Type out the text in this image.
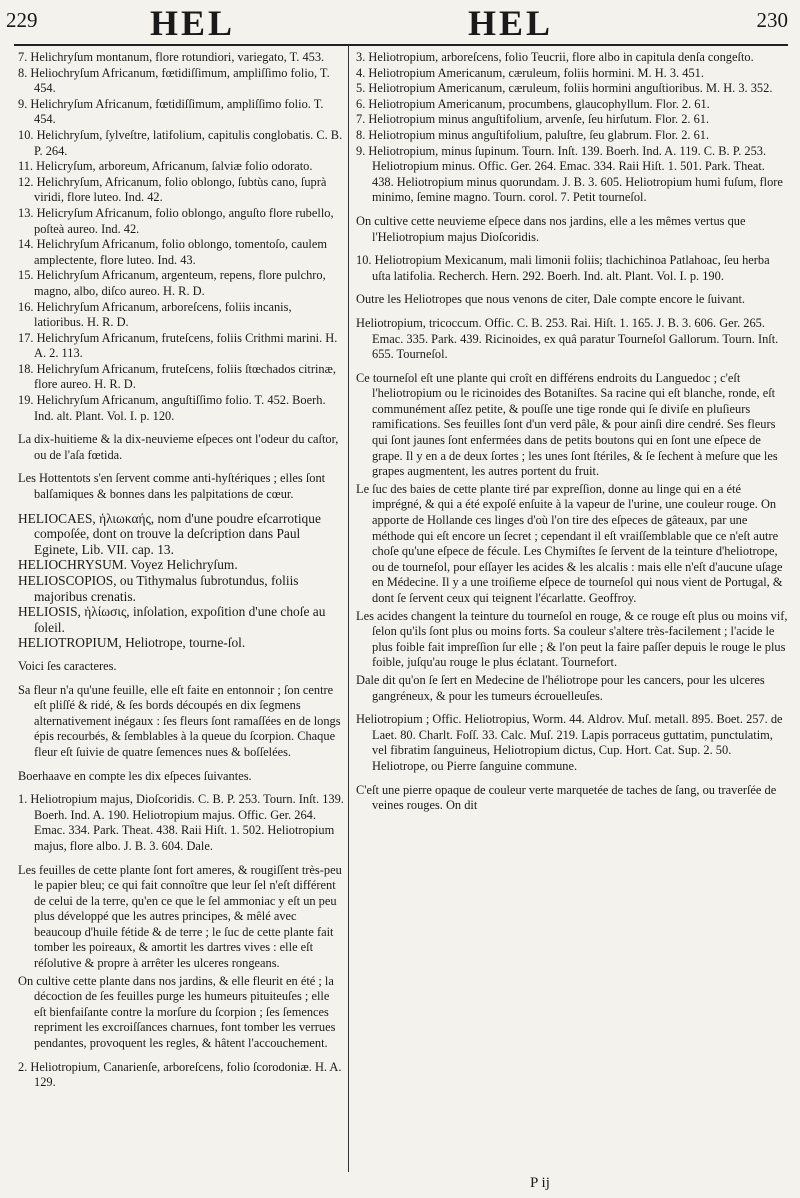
229	HEL	HEL	230

7. Helichryſum montanum, flore rotundiori, variegato, T. 453.

8. Heliochryſum Africanum, fœtidiſſimum, ampliſſimo folio, T. 454.

9. Helichryſum Africanum, fœtidiſſimum, ampliſſimo folio. T. 454.

10. Helichryſum, ſylveſtre, latifolium, capitulis conglobatis. C. B. P. 264.

11. Helicryſum, arboreum, Africanum, ſalviæ folio odorato.

12. Helichryſum, Africanum, folio oblongo, ſubtùs cano, ſuprà viridi, flore luteo. Ind. 42.

13. Helicryſum Africanum, folio oblongo, anguſto flore rubello, poſteà aureo. Ind. 42.

14. Helichryſum Africanum, folio oblongo, tomentoſo, caulem amplectente, flore luteo. Ind. 43.

15. Helichryſum Africanum, argenteum, repens, flore pulchro, magno, albo, diſco aureo. H. R. D.

16. Helichryſum Africanum, arboreſcens, foliis incanis, latioribus. H. R. D.

17. Helichryſum Africanum, fruteſcens, foliis Crithmi marini. H. A. 2. 113.

18. Helichryſum Africanum, fruteſcens, foliis ſtœchados citrinæ, flore aureo. H. R. D.

19. Helichryſum Africanum, anguſtiſſimo folio. T. 452. Boerh. Ind. alt. Plant. Vol. I. p. 120.

La dix-huitieme & la dix-neuvieme eſpeces ont l'odeur du caſtor, ou de l'aſa fœtida.

Les Hottentots s'en ſervent comme anti-hyſtériques ; elles ſont balſamiques & bonnes dans les palpitations de cœur.

HELIOCAES, ἡλιωκαής, nom d'une poudre eſcarrotique compoſée, dont on trouve la deſcription dans Paul Eginete, Lib. VII. cap. 13.

HELIOCHRYSUM. Voyez Helichryſum.

HELIOSCOPIOS, ou Tithymalus ſubrotundus, foliis majoribus crenatis.

HELIOSIS, ἡλίωσις, inſolation, expoſition d'une choſe au ſoleil.

HELIOTROPIUM, Heliotrope, tourne-ſol.

Voici ſes caracteres.

Sa fleur n'a qu'une feuille, elle eſt faite en entonnoir ; ſon centre eſt pliſſé & ridé, & ſes bords découpés en dix ſegmens alternativement inégaux : ſes fleurs ſont ramaſſées en de longs épis recourbés, & ſemblables à la queue du ſcorpion. Chaque fleur eſt ſuivie de quatre ſemences nues & boſſelées.

Boerhaave en compte les dix eſpeces ſuivantes.

1. Heliotropium majus, Dioſcoridis. C. B. P. 253. Tourn. Inſt. 139. Boerh. Ind. A. 190. Heliotropium majus. Offic. Ger. 264. Emac. 334. Park. Theat. 438. Raii Hiſt. 1. 502. Heliotropium majus, flore albo. J. B. 3. 604. Dale.

Les feuilles de cette plante ſont fort ameres, & rougiſſent très-peu le papier bleu; ce qui fait connoître que leur ſel n'eſt différent de celui de la terre, qu'en ce que le ſel ammoniac y eſt un peu plus développé que les autres principes, & mêlé avec beaucoup d'huile fétide & de terre ; le ſuc de cette plante fait tomber les poireaux, & amortit les dartres vives : elle eſt réſolutive & propre à arrêter les ulceres rongeans.

On cultive cette plante dans nos jardins, & elle fleurit en été ; la décoction de ſes feuilles purge les humeurs pituiteuſes ; elle eſt bienfaiſante contre la morſure du ſcorpion ; ſes ſemences repriment les excroiſſances charnues, font tomber les verrues pendantes, provoquent les regles, & hâtent l'accouchement.

2. Heliotropium, Canarienſe, arboreſcens, folio ſcorodoniæ. H. A. 129.

3. Heliotropium, arboreſcens, folio Teucrii, flore albo in capitula denſa congeſto.

4. Heliotropium Americanum, cæruleum, foliis hormini. M. H. 3. 451.

5. Heliotropium Americanum, cæruleum, foliis hormini anguſtioribus. M. H. 3. 352.

6. Heliotropium Americanum, procumbens, glaucophyllum. Flor. 2. 61.

7. Heliotropium minus anguſtifolium, arvenſe, ſeu hirſutum. Flor. 2. 61.

8. Heliotropium minus anguſtifolium, paluſtre, ſeu glabrum. Flor. 2. 61.

9. Heliotropium, minus ſupinum. Tourn. Inſt. 139. Boerh. Ind. A. 119. C. B. P. 253. Heliotropium minus. Offic. Ger. 264. Emac. 334. Raii Hiſt. 1. 501. Park. Theat. 438. Heliotropium minus quorundam. J. B. 3. 605. Heliotropium humi fuſum, flore minimo, ſemine magno. Tourn. corol. 7. Petit tourneſol.

On cultive cette neuvieme eſpece dans nos jardins, elle a les mêmes vertus que l'Heliotropium majus Dioſcoridis.

10. Heliotropium Mexicanum, mali limonii foliis; tlachichinoa Patlahoac, ſeu herba uſta latifolia. Recherch. Hern. 292. Boerh. Ind. alt. Plant. Vol. I. p. 190.

Outre les Heliotropes que nous venons de citer, Dale compte encore le ſuivant.

Heliotropium, tricoccum. Offic. C. B. 253. Rai. Hiſt. 1. 165. J. B. 3. 606. Ger. 265. Emac. 335. Park. 439. Ricinoides, ex quâ paratur Tourneſol Gallorum. Tourn. Inſt. 655. Tourneſol.

Ce tourneſol eſt une plante qui croît en différens endroits du Languedoc ; c'eſt l'heliotropium ou le ricinoides des Botaniſtes. Sa racine qui eſt blanche, ronde, eſt communément aſſez petite, & pouſſe une tige ronde qui ſe diviſe en pluſieurs ramifications. Ses feuilles ſont d'un verd pâle, & pour ainſi dire cendré. Ses fleurs qui ſont jaunes ſont enfermées dans de petits boutons qui en ſont une eſpece de grape. Il y en a de deux ſortes ; les unes ſont ſtériles, & ſe ſechent à meſure que les grapes augmentent, les autres portent du fruit.

Le ſuc des baies de cette plante tiré par expreſſion, donne au linge qui en a été imprégné, & qui a été expoſé enſuite à la vapeur de l'urine, une couleur rouge. On apporte de Hollande ces linges d'où l'on tire des eſpeces de gâteaux, par une méthode qui eſt encore un ſecret ; cependant il eſt vraiſſemblable que ce n'eſt autre choſe qu'une eſpece de fécule. Les Chymiſtes ſe ſervent de la teinture d'heliotrope, ou de tourneſol, pour eſſayer les acides & les alcalis : mais elle n'eſt d'aucune uſage en Médecine. Il y a une troiſieme eſpece de tourneſol qui nous vient de Portugal, & dont ſe ſervent ceux qui teignent l'écarlatte. Geoffroy.

Les acides changent la teinture du tourneſol en rouge, & ce rouge eſt plus ou moins vif, ſelon qu'ils ſont plus ou moins forts. Sa couleur s'altere très-facilement ; l'acide le plus foible fait impreſſion ſur elle ; & l'on peut la faire paſſer depuis le rouge le plus foible, juſqu'au rouge le plus éclatant. Tournefort.

Dale dit qu'on ſe ſert en Medecine de l'héliotrope pour les cancers, pour les ulceres gangréneux, & pour les tumeurs écrouelleuſes.

Heliotropium ; Offic. Heliotropius, Worm. 44. Aldrov. Muſ. metall. 895. Boet. 257. de Laet. 80. Charlt. Foſſ. 33. Calc. Muſ. 219. Lapis porraceus guttatim, punctulatim, vel fibratim ſanguineus, Heliotropium dictus, Cup. Hort. Cat. Sup. 2. 50. Heliotrope, ou Pierre ſanguine commune.

C'eſt une pierre opaque de couleur verte marquetée de taches de ſang, ou traverſée de veines rouges. On dit

P ij
